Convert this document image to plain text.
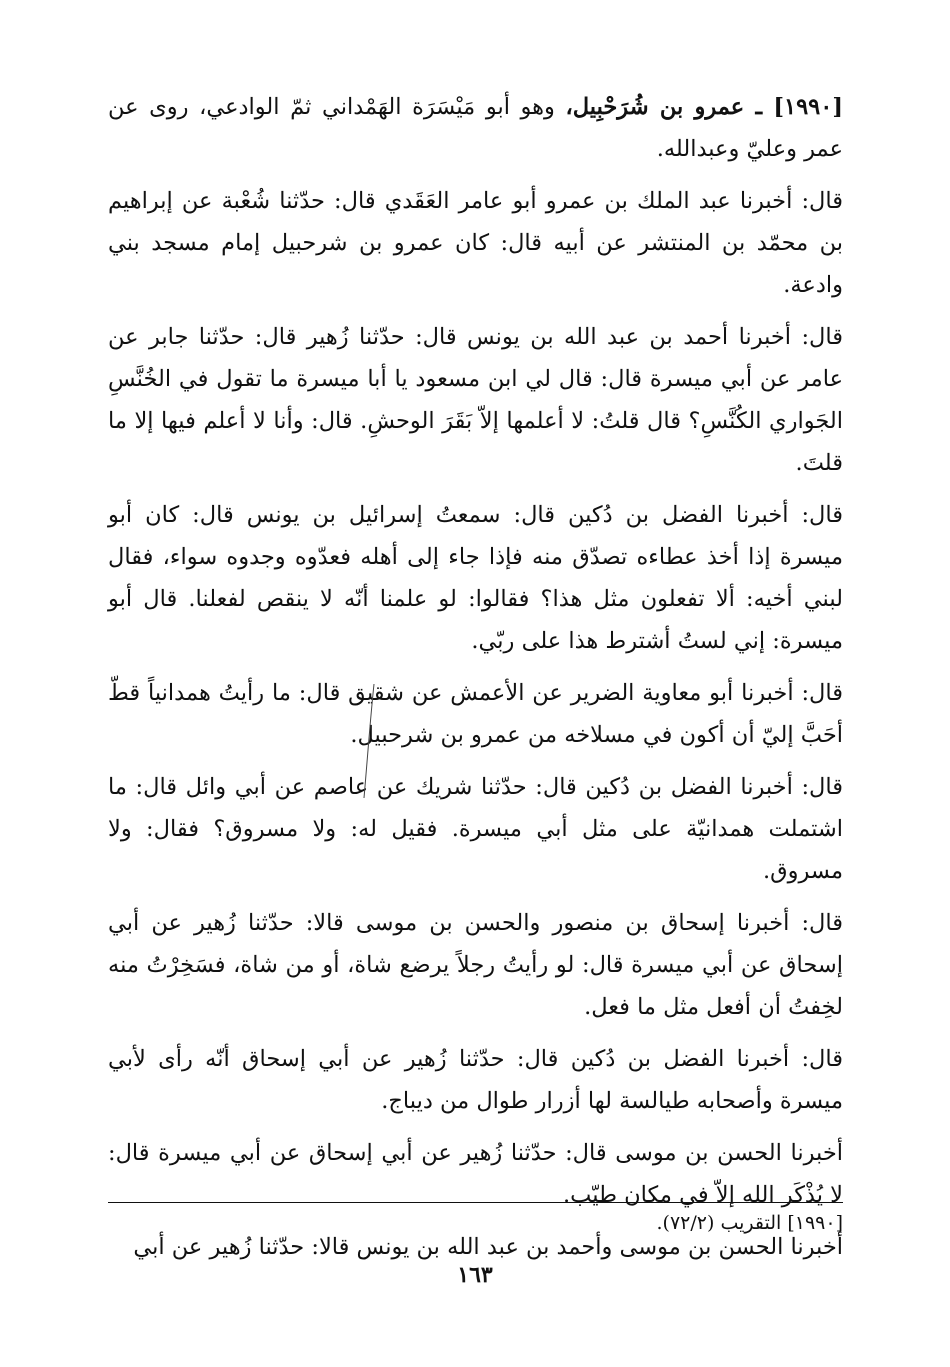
[١٩٩٠] ـ عمرو بن شُرَحْبِيل، وهو أبو مَيْسَرَة الهَمْداني ثمّ الوادعي، روى عن عمر وعليّ وعبدالله.

قال: أخبرنا عبد الملك بن عمرو أبو عامر العَقَدي قال: حدّثنا شُعْبة عن إبراهيم بن محمّد بن المنتشر عن أبيه قال: كان عمرو بن شرحبيل إمام مسجد بني وادعة.

قال: أخبرنا أحمد بن عبد الله بن يونس قال: حدّثنا زُهير قال: حدّثنا جابر عن عامر عن أبي ميسرة قال: قال لي ابن مسعود يا أبا ميسرة ما تقول في الخُنَّسِ الجَواري الكُنَّسِ؟ قال قلتُ: لا أعلمها إلاّ بَقَرَ الوحشِ. قال: وأنا لا أعلم فيها إلا ما قلتَ.

قال: أخبرنا الفضل بن دُكين قال: سمعتُ إسرائيل بن يونس قال: كان أبو ميسرة إذا أخذ عطاءه تصدّق منه فإذا جاء إلى أهله فعدّوه وجدوه سواء، فقال لبني أخيه: ألا تفعلون مثل هذا؟ فقالوا: لو علمنا أنّه لا ينقص لفعلنا. قال أبو ميسرة: إني لستُ أشترط هذا على ربّي.

قال: أخبرنا أبو معاوية الضرير عن الأعمش عن شقيق قال: ما رأيتُ همدانياً قطّ أحَبَّ إليّ أن أكون في مسلاخه من عمرو بن شرحبيل.

قال: أخبرنا الفضل بن دُكين قال: حدّثنا شريك عن عاصم عن أبي وائل قال: ما اشتملت همدانيّة على مثل أبي ميسرة. فقيل له: ولا مسروق؟ فقال: ولا مسروق.

قال: أخبرنا إسحاق بن منصور والحسن بن موسى قالا: حدّثنا زُهير عن أبي إسحاق عن أبي ميسرة قال: لو رأيتُ رجلاً يرضع شاة، أو من شاة، فسَخِرْتُ منه لخِفتُ أن أفعل مثل ما فعل.

قال: أخبرنا الفضل بن دُكين قال: حدّثنا زُهير عن أبي إسحاق أنّه رأى لأبي ميسرة وأصحابه طيالسة لها أزرار طوال من ديباج.

أخبرنا الحسن بن موسى قال: حدّثنا زُهير عن أبي إسحاق عن أبي ميسرة قال: لا يُذْكَر الله إلاّ في مكان طيّب.

أخبرنا الحسن بن موسى وأحمد بن عبد الله بن يونس قالا: حدّثنا زُهير عن أبي

[١٩٩٠] التقريب (٧٢/٢).

١٦٣
